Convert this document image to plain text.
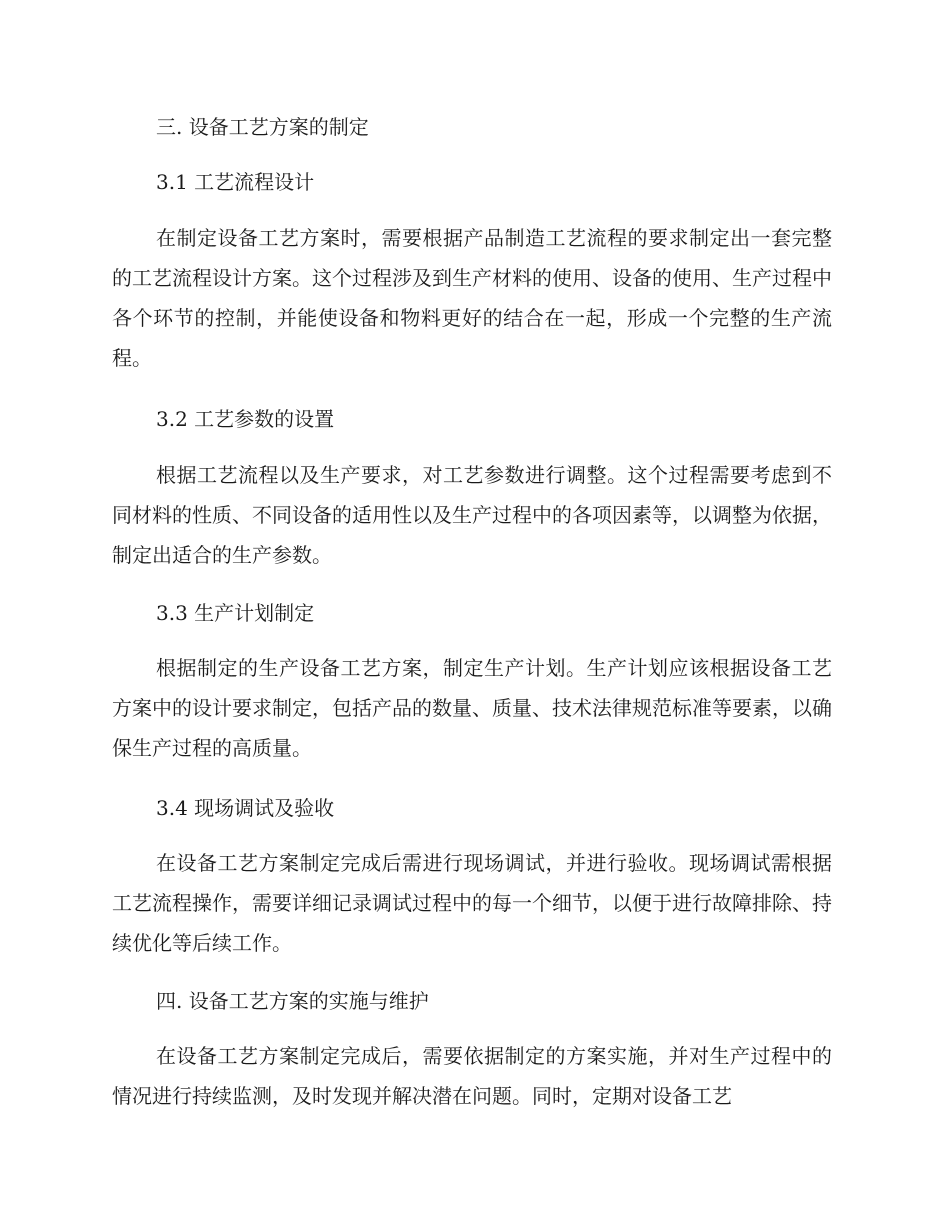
三. 设备工艺方案的制定
3.1 工艺流程设计

在制定设备工艺方案时，需要根据产品制造工艺流程的要求制定出一套完整的工艺流程设计方案。这个过程涉及到生产材料的使用、设备的使用、生产过程中各个环节的控制，并能使设备和物料更好的结合在一起，形成一个完整的生产流程。

3.2 工艺参数的设置

根据工艺流程以及生产要求，对工艺参数进行调整。这个过程需要考虑到不同材料的性质、不同设备的适用性以及生产过程中的各项因素等，以调整为依据，制定出适合的生产参数。

3.3 生产计划制定

根据制定的生产设备工艺方案，制定生产计划。生产计划应该根据设备工艺方案中的设计要求制定，包括产品的数量、质量、技术法律规范标准等要素，以确保生产过程的高质量。

3.4 现场调试及验收

在设备工艺方案制定完成后需进行现场调试，并进行验收。现场调试需根据工艺流程操作，需要详细记录调试过程中的每一个细节，以便于进行故障排除、持续优化等后续工作。

四. 设备工艺方案的实施与维护

在设备工艺方案制定完成后，需要依据制定的方案实施，并对生产过程中的情况进行持续监测，及时发现并解决潜在问题。同时，定期对设备工艺
